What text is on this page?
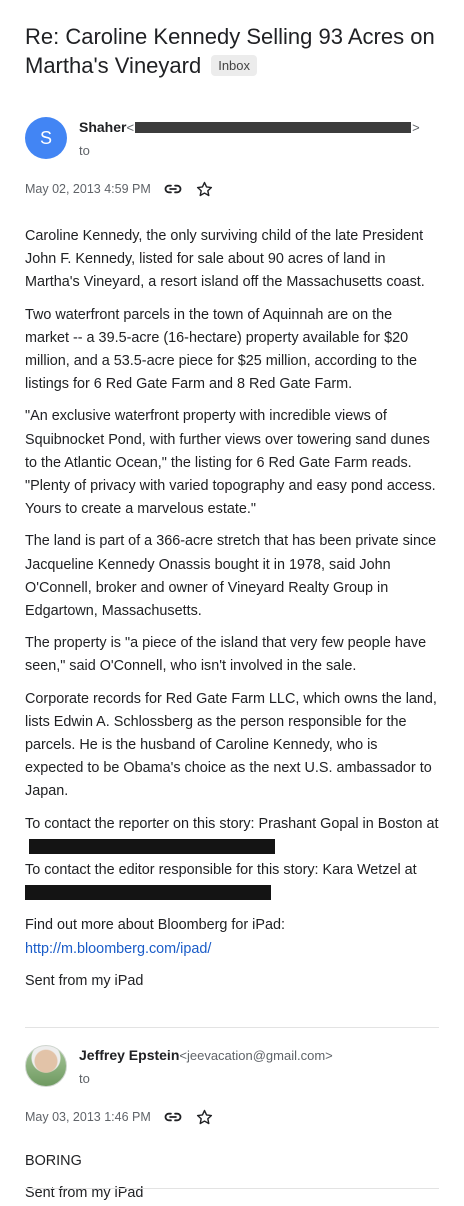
Re: Caroline Kennedy Selling 93 Acres on Martha's Vineyard Inbox
S
Shaher<	>
to
May 02, 2013 4:59 PM

Caroline Kennedy, the only surviving child of the late President John F. Kennedy, listed for sale about 90 acres of land in Martha's Vineyard, a resort island off the Massachusetts coast.

Two waterfront parcels in the town of Aquinnah are on the market -- a 39.5-acre (16-hectare) property available for $20 million, and a 53.5-acre piece for $25 million, according to the listings for 6 Red Gate Farm and 8 Red Gate Farm.

"An exclusive waterfront property with incredible views of Squibnocket Pond, with further views over towering sand dunes to the Atlantic Ocean," the listing for 6 Red Gate Farm reads. "Plenty of privacy with varied topography and easy pond access. Yours to create a marvelous estate."

The land is part of a 366-acre stretch that has been private since Jacqueline Kennedy Onassis bought it in 1978, said John O'Connell, broker and owner of Vineyard Realty Group in Edgartown, Massachusetts.

The property is "a piece of the island that very few people have seen," said O'Connell, who isn't involved in the sale.

Corporate records for Red Gate Farm LLC, which owns the land, lists Edwin A. Schlossberg as the person responsible for the parcels. He is the husband of Caroline Kennedy, who is expected to be Obama's choice as the next U.S. ambassador to Japan.

To contact the reporter on this story: Prashant Gopal in Boston at
To contact the editor responsible for this story: Kara Wetzel at

Find out more about Bloomberg for iPad:
http://m.bloomberg.com/ipad/
Sent from my iPad
Jeffrey Epstein<jeevacation@gmail.com>
to
May 03, 2013 1:46 PM

BORING

Sent from my iPad
